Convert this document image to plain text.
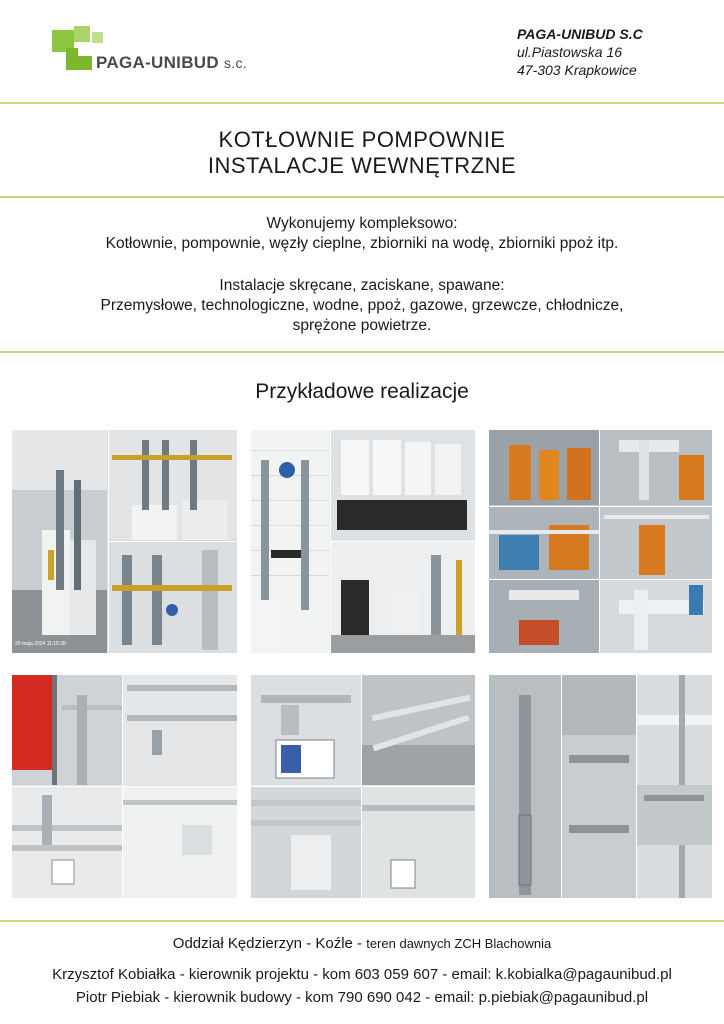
PAGA-UNIBUD s.c.
PAGA-UNIBUD S.C
ul.Piastowska 16
47-303 Krapkowice
KOTŁOWNIE POMPOWNIE
INSTALACJE WEWNĘTRZNE
Wykonujemy kompleksowo:
Kotłownie, pompownie, węzły cieplne, zbiorniki na wodę, zbiorniki ppoż itp.
Instalacje skręcane, zaciskane, spawane:
Przemysłowe, technologiczne, wodne, ppoż, gazowe, grzewcze, chłodnicze,
sprężone powietrze.
Przykładowe realizacje
20 maja 2024 11:15:38
Oddział Kędzierzyn - Koźle - teren dawnych ZCH Blachownia
Krzysztof Kobiałka - kierownik projektu - kom 603 059 607 - email: k.kobialka@pagaunibud.pl
Piotr Piebiak - kierownik budowy - kom 790 690 042 - email: p.piebiak@pagaunibud.pl
